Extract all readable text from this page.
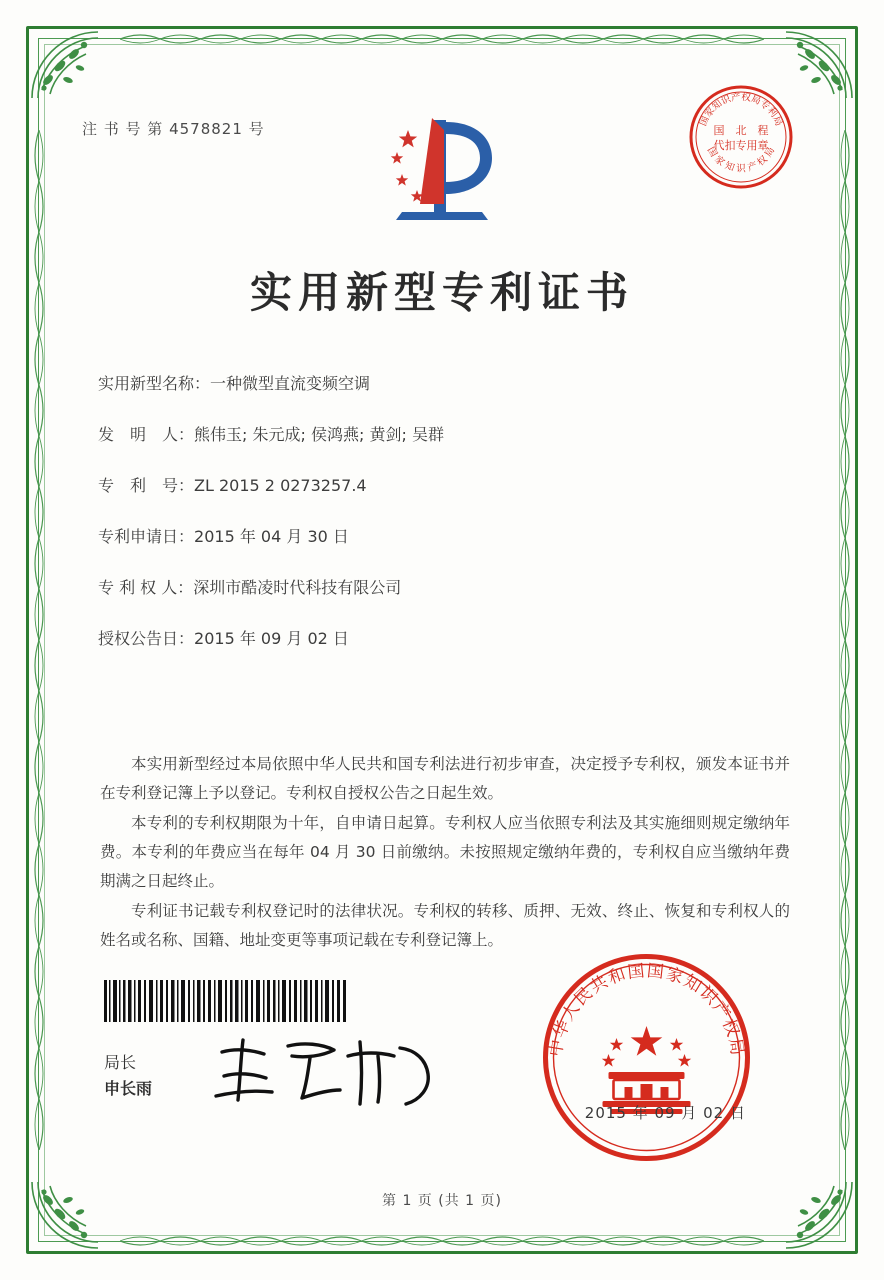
注 书 号 第 4578821 号	国家知识产权局专利局
国　北　程
代扣专用章
国 家 知 识 产 权 局
实用新型专利证书
实用新型名称：一种微型直流变频空调
发　明　人：熊伟玉; 朱元成; 侯鸿燕; 黄剑; 吴群
专　利　号：ZL 2015 2 0273257.4
专利申请日：2015 年 04 月 30 日
专 利 权 人：深圳市酷凌时代科技有限公司
授权公告日：2015 年 09 月 02 日
本实用新型经过本局依照中华人民共和国专利法进行初步审查，决定授予专利权，颁发本证书并在专利登记簿上予以登记。专利权自授权公告之日起生效。
本专利的专利权期限为十年，自申请日起算。专利权人应当依照专利法及其实施细则规定缴纳年费。本专利的年费应当在每年 04 月 30 日前缴纳。未按照规定缴纳年费的，专利权自应当缴纳年费期满之日起终止。
专利证书记载专利权登记时的法律状况。专利权的转移、质押、无效、终止、恢复和专利权人的姓名或名称、国籍、地址变更等事项记载在专利登记簿上。
局长
申长雨
中华人民共和国国家知识产权局
2015 年 09 月 02 日
第 1 页 (共 1 页)
